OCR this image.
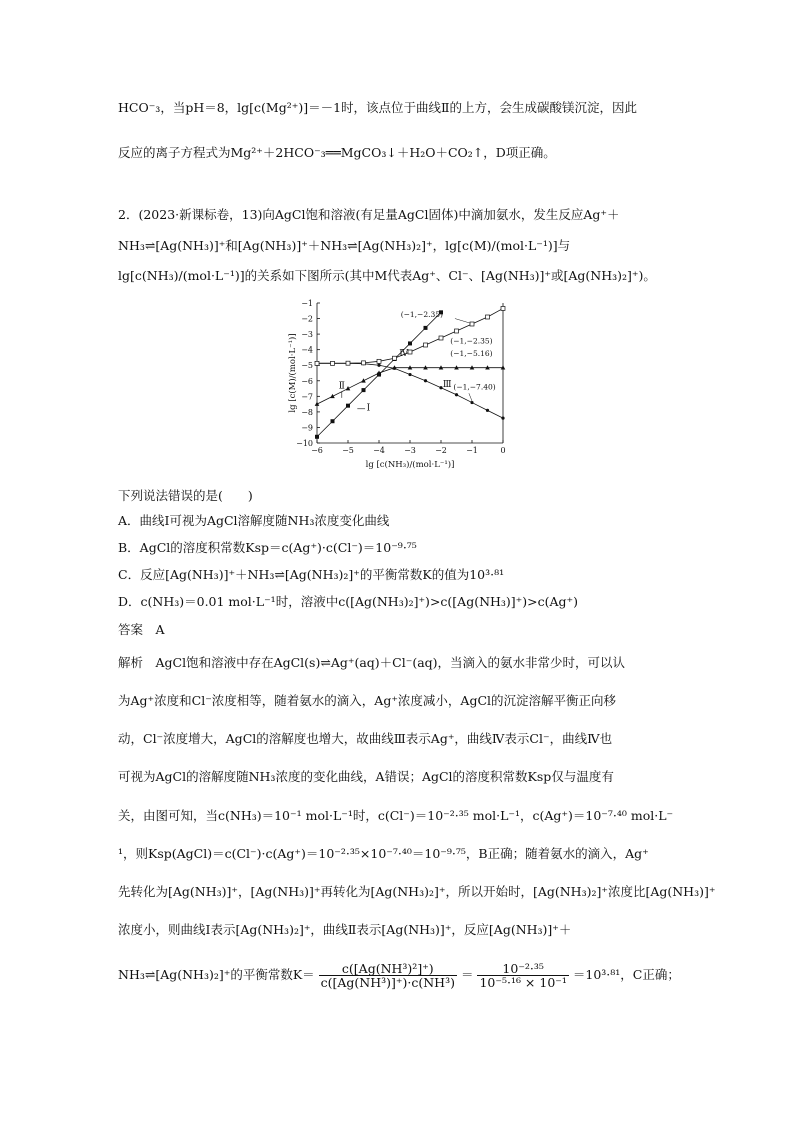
HCO⁻₃，当pH＝8，lg[c(Mg²⁺)]＝－1时，该点位于曲线Ⅱ的上方，会生成碳酸镁沉淀，因此
反应的离子方程式为Mg²⁺＋2HCO⁻₃══MgCO₃↓＋H₂O＋CO₂↑，D项正确。
2．(2023·新课标卷，13)向AgCl饱和溶液(有足量AgCl固体)中滴加氨水，发生反应Ag⁺＋
NH₃⇌[Ag(NH₃)]⁺和[Ag(NH₃)]⁺＋NH₃⇌[Ag(NH₃)₂]⁺，lg[c(M)/(mol·L⁻¹)]与
lg[c(NH₃)/(mol·L⁻¹)]的关系如下图所示(其中M代表Ag⁺、Cl⁻、[Ag(NH₃)]⁺或[Ag(NH₃)₂]⁺)。
−6 −5 −4 −3 −2 −1	0
−1
−2
−3
−4
−5
−6
−7
−8
−9
−10
lg [c(NH₃)/(mol·L⁻¹)]
lg [c(M)/(mol·L⁻¹)]	Ⅰ
Ⅱ	Ⅲ
Ⅳ
(−1,−2.35)
(−1,−2.35)
(−1,−5.16)
(−1,−7.40)
下列说法错误的是(　　)
A．曲线Ⅰ可视为AgCl溶解度随NH₃浓度变化曲线
B．AgCl的溶度积常数Ksp＝c(Ag⁺)·c(Cl⁻)＝10⁻⁹·⁷⁵
C．反应[Ag(NH₃)]⁺＋NH₃⇌[Ag(NH₃)₂]⁺的平衡常数K的值为10³·⁸¹
D．c(NH₃)＝0.01 mol·L⁻¹时，溶液中c([Ag(NH₃)₂]⁺)>c([Ag(NH₃)]⁺)>c(Ag⁺)
答案　A
解析　AgCl饱和溶液中存在AgCl(s)⇌Ag⁺(aq)＋Cl⁻(aq)，当滴入的氨水非常少时，可以认
为Ag⁺浓度和Cl⁻浓度相等，随着氨水的滴入，Ag⁺浓度减小，AgCl的沉淀溶解平衡正向移
动，Cl⁻浓度增大，AgCl的溶解度也增大，故曲线Ⅲ表示Ag⁺，曲线Ⅳ表示Cl⁻，曲线Ⅳ也
可视为AgCl的溶解度随NH₃浓度的变化曲线，A错误；AgCl的溶度积常数Ksp仅与温度有
关，由图可知，当c(NH₃)＝10⁻¹ mol·L⁻¹时，c(Cl⁻)＝10⁻²·³⁵ mol·L⁻¹，c(Ag⁺)＝10⁻⁷·⁴⁰ mol·L⁻
¹，则Ksp(AgCl)＝c(Cl⁻)·c(Ag⁺)＝10⁻²·³⁵×10⁻⁷·⁴⁰＝10⁻⁹·⁷⁵，B正确；随着氨水的滴入，Ag⁺
先转化为[Ag(NH₃)]⁺，[Ag(NH₃)]⁺再转化为[Ag(NH₃)₂]⁺，所以开始时，[Ag(NH₃)₂]⁺浓度比[Ag(NH₃)]⁺
浓度小，则曲线Ⅰ表示[Ag(NH₃)₂]⁺，曲线Ⅱ表示[Ag(NH₃)]⁺，反应[Ag(NH₃)]⁺＋
NH₃⇌[Ag(NH₃)₂]⁺的平衡常数$K= \frac{\text{c([Ag(NH³)²]⁺)}}{\text{c([Ag(NH³)]⁺)·c(NH³)}} = \frac{\text{10⁻²·³⁵}}{\text{10⁻⁵·¹⁶ × 10⁻¹}} =10^3\cdot^{81}$，C正确；
